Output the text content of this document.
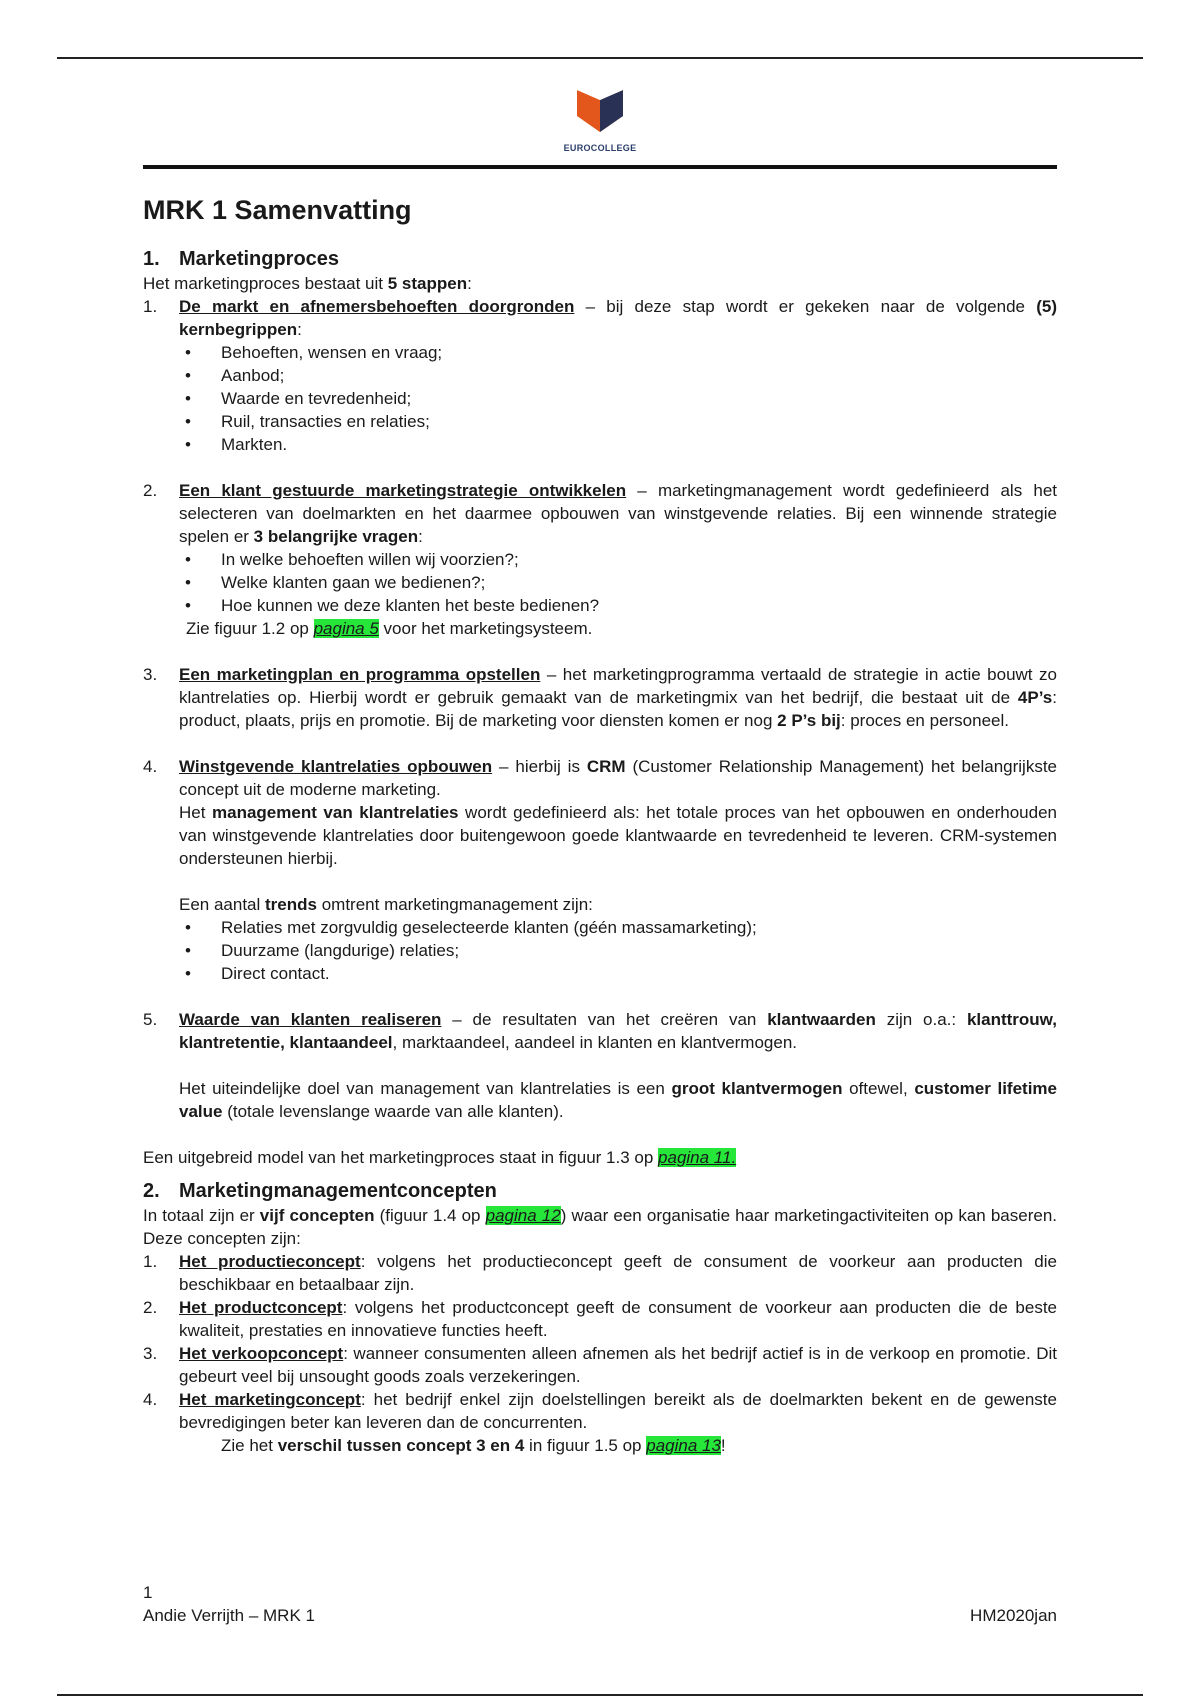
EUROCOLLEGE
MRK 1 Samenvatting
1. Marketingproces

Het marketingproces bestaat uit 5 stappen:

1. De markt en afnemersbehoeften doorgronden – bij deze stap wordt er gekeken naar de volgende (5) kernbegrippen:
• Behoeften, wensen en vraag;
• Aanbod;
• Waarde en tevredenheid;
• Ruil, transacties en relaties;
• Markten.
2. Een klant gestuurde marketingstrategie ontwikkelen – marketingmanagement wordt gedefinieerd als het selecteren van doelmarkten en het daarmee opbouwen van winstgevende relaties. Bij een winnende strategie spelen er 3 belangrijke vragen:
• In welke behoeften willen wij voorzien?;
• Welke klanten gaan we bedienen?;
• Hoe kunnen we deze klanten het beste bedienen?

Zie figuur 1.2 op pagina 5 voor het marketingsysteem.

3. Een marketingplan en programma opstellen – het marketingprogramma vertaald de strategie in actie bouwt zo klantrelaties op. Hierbij wordt er gebruik gemaakt van de marketingmix van het bedrijf, die bestaat uit de 4P’s: product, plaats, prijs en promotie. Bij de marketing voor diensten komen er nog 2 P’s bij: proces en personeel.
4. Winstgevende klantrelaties opbouwen – hierbij is CRM (Customer Relationship Management) het belangrijkste concept uit de moderne marketing.

Het management van klantrelaties wordt gedefinieerd als: het totale proces van het opbouwen en onderhouden van winstgevende klantrelaties door buitengewoon goede klantwaarde en tevredenheid te leveren. CRM-systemen ondersteunen hierbij.

Een aantal trends omtrent marketingmanagement zijn:

• Relaties met zorgvuldig geselecteerde klanten (géén massamarketing);
• Duurzame (langdurige) relaties;
• Direct contact.
5. Waarde van klanten realiseren – de resultaten van het creëren van klantwaarden zijn o.a.: klanttrouw, klantretentie, klantaandeel, marktaandeel, aandeel in klanten en klantvermogen.

Het uiteindelijke doel van management van klantrelaties is een groot klantvermogen oftewel, customer lifetime value (totale levenslange waarde van alle klanten).

Een uitgebreid model van het marketingproces staat in figuur 1.3 op pagina 11.

2. Marketingmanagementconcepten

In totaal zijn er vijf concepten (figuur 1.4 op pagina 12) waar een organisatie haar marketingactiviteiten op kan baseren. Deze concepten zijn:

1. Het productieconcept: volgens het productieconcept geeft de consument de voorkeur aan producten die beschikbaar en betaalbaar zijn.
2. Het productconcept: volgens het productconcept geeft de consument de voorkeur aan producten die de beste kwaliteit, prestaties en innovatieve functies heeft.
3. Het verkoopconcept: wanneer consumenten alleen afnemen als het bedrijf actief is in de verkoop en promotie. Dit gebeurt veel bij unsought goods zoals verzekeringen.
4. Het marketingconcept: het bedrijf enkel zijn doelstellingen bereikt als de doelmarkten bekent en de gewenste bevredigingen beter kan leveren dan de concurrenten.

Zie het verschil tussen concept 3 en 4 in figuur 1.5 op pagina 13!

1
Andie Verrijth – MRK 1	HM2020jan
